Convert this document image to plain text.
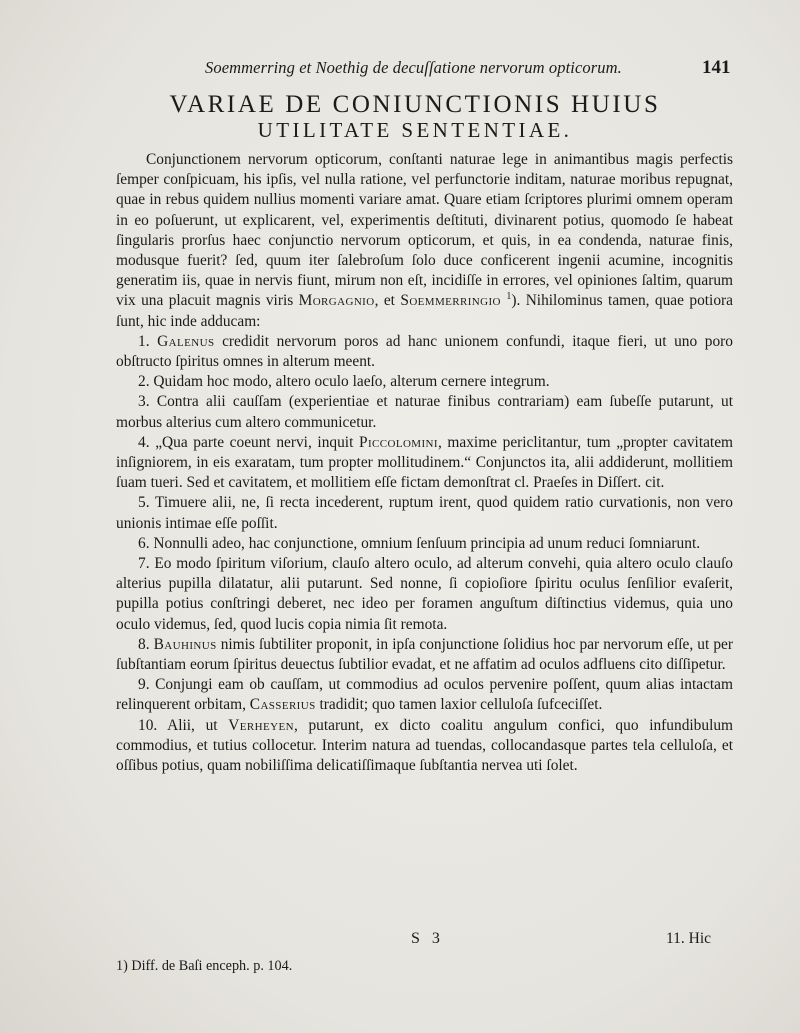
Soemmerring et Noethig de decuſſatione nervorum opticorum.	141
VARIAE DE CONIUNCTIONIS HUIUS
UTILITATE SENTENTIAE.

Conjunctionem nervorum opticorum, conſtanti naturae lege in animantibus magis perfectis ſemper conſpicuam, his ipſis, vel nulla ratione, vel perfunctorie inditam, naturae moribus repugnat, quae in rebus quidem nullius momenti variare amat. Quare etiam ſcriptores plurimi omnem operam in eo poſuerunt, ut explicarent, vel, experimentis deſtituti, divinarent potius, quomodo ſe habeat ſingularis prorſus haec conjunctio nervorum opticorum, et quis, in ea condenda, naturae finis, modusque fuerit? ſed, quum iter ſalebroſum ſolo duce conficerent ingenii acumine, incognitis generatim iis, quae in nervis fiunt, mirum non eſt, incidiſſe in errores, vel opiniones ſaltim, quarum vix una placuit magnis viris Morgagnio, et Soemmerringio $^1$). Nihilominus tamen, quae potiora ſunt, hic inde adducam:

1. Galenus credidit nervorum poros ad hanc unionem confundi, itaque fieri, ut uno poro obſtructo ſpiritus omnes in alterum meent.

2. Quidam hoc modo, altero oculo laeſo, alterum cernere integrum.

3. Contra alii cauſſam (experientiae et naturae finibus contrariam) eam ſubeſſe putarunt, ut morbus alterius cum altero communicetur.

4. „Qua parte coeunt nervi, inquit Piccolomini, maxime periclitantur, tum „propter cavitatem inſigniorem, in eis exaratam, tum propter mollitudinem.“ Conjunctos ita, alii addiderunt, mollitiem ſuam tueri. Sed et cavitatem, et mollitiem eſſe fictam demonſtrat cl. Praeſes in Diſſert. cit.

5. Timuere alii, ne, ſi recta incederent, ruptum irent, quod quidem ratio curvationis, non vero unionis intimae eſſe poſſit.

6. Nonnulli adeo, hac conjunctione, omnium ſenſuum principia ad unum reduci ſomniarunt.

7. Eo modo ſpiritum viſorium, clauſo altero oculo, ad alterum convehi, quia altero oculo clauſo alterius pupilla dilatatur, alii putarunt. Sed nonne, ſi copioſiore ſpiritu oculus ſenſilior evaſerit, pupilla potius conſtringi deberet, nec ideo per foramen anguſtum diſtinctius videmus, quia uno oculo videmus, ſed, quod lucis copia nimia ſit remota.

8. Bauhinus nimis ſubtiliter proponit, in ipſa conjunctione ſolidius hoc par nervorum eſſe, ut per ſubſtantiam eorum ſpiritus deuectus ſubtilior evadat, et ne affatim ad oculos adfluens cito diſſipetur.

9. Conjungi eam ob cauſſam, ut commodius ad oculos pervenire poſſent, quum alias intactam relinquerent orbitam, Casserius tradidit; quo tamen laxior celluloſa ſufceciſſet.

10. Alii, ut Verheyen, putarunt, ex dicto coalitu angulum confici, quo infundibulum commodius, et tutius collocetur. Interim natura ad tuendas, collocandasque partes tela celluloſa, et oſſibus potius, quam nobiliſſima delicatiſſimaque ſubſtantia nervea uti ſolet.

S 3	11. Hic
1) Diff. de Baſi enceph. p. 104.
